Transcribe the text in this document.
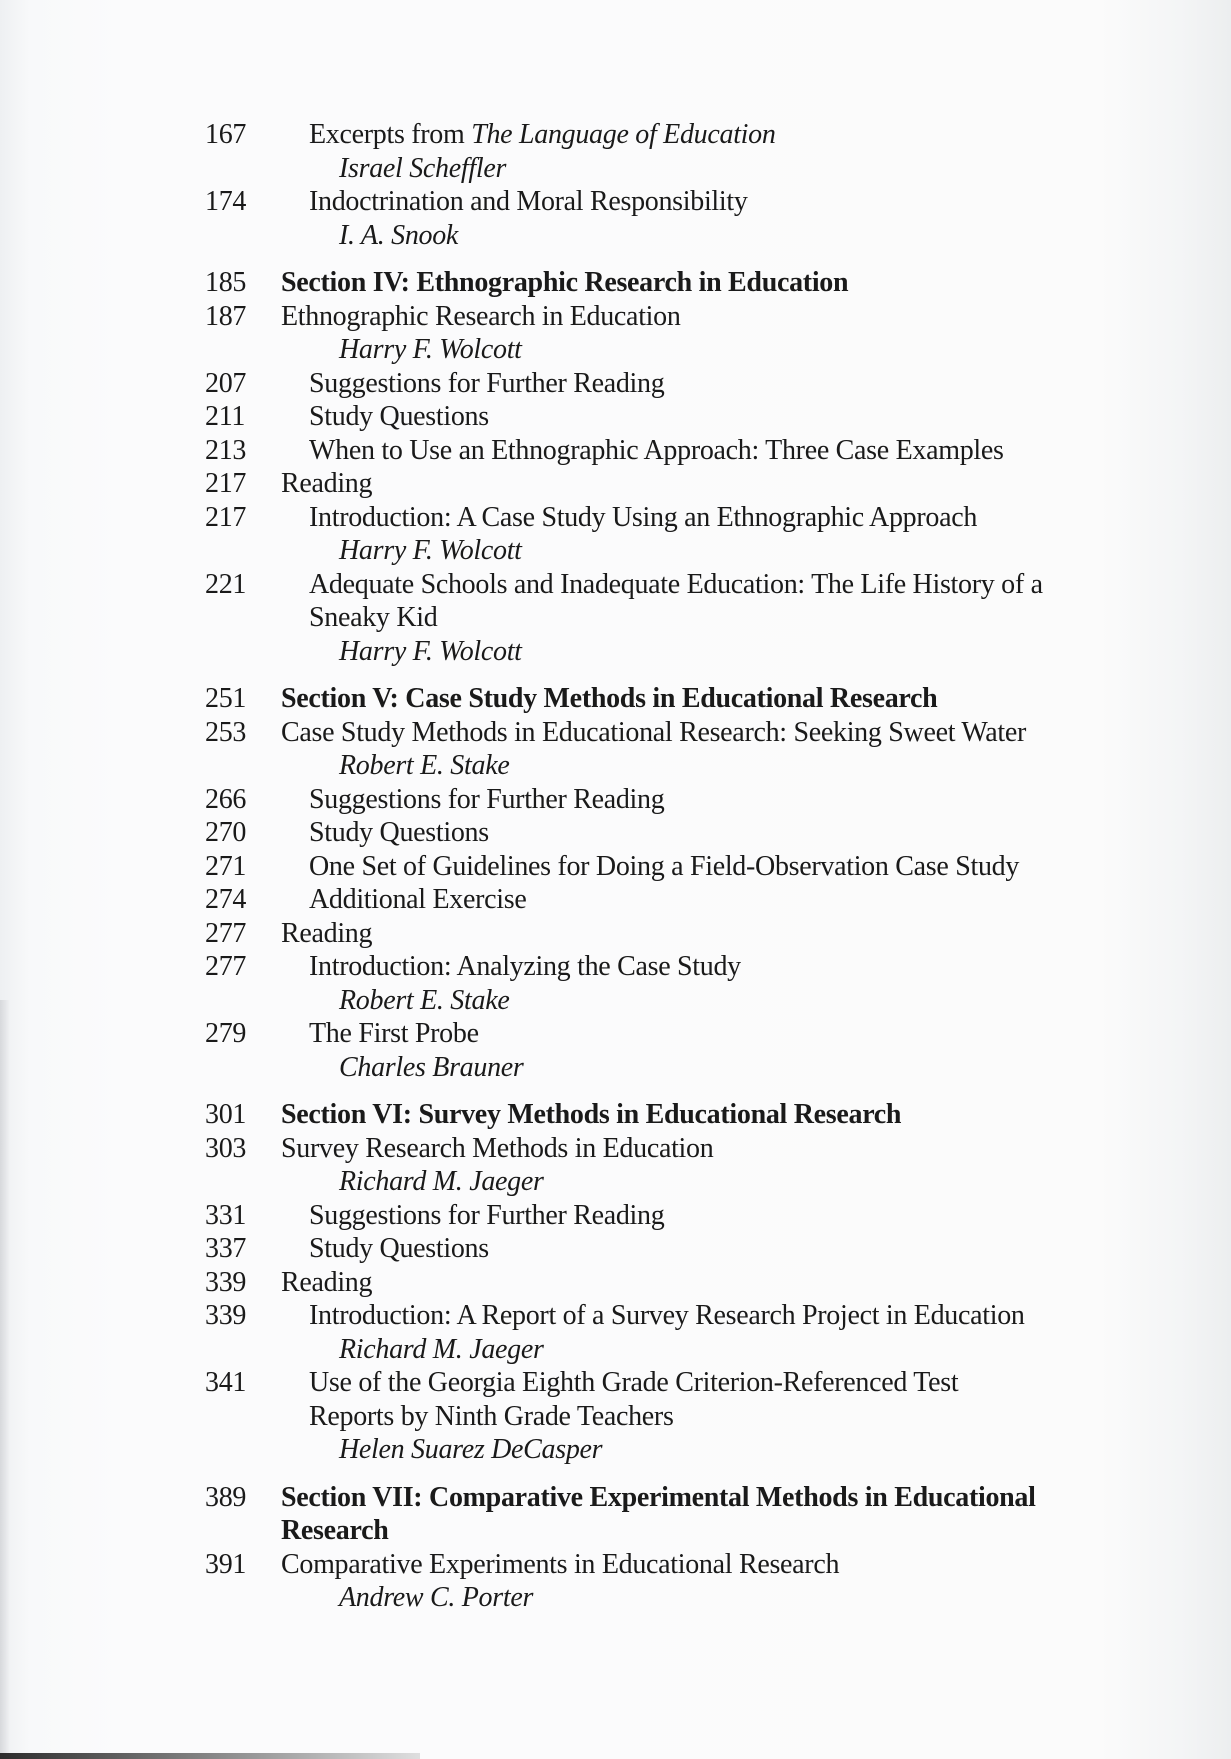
167	Excerpts from The Language of Education
Israel Scheffler
174	Indoctrination and Moral Responsibility
I. A. Snook
185	Section IV: Ethnographic Research in Education
187	Ethnographic Research in Education
Harry F. Wolcott
207	Suggestions for Further Reading
211	Study Questions
213	When to Use an Ethnographic Approach: Three Case Examples
217	Reading
217	Introduction: A Case Study Using an Ethnographic Approach
Harry F. Wolcott
221	Adequate Schools and Inadequate Education: The Life History of a
Sneaky Kid
Harry F. Wolcott
251	Section V: Case Study Methods in Educational Research
253	Case Study Methods in Educational Research: Seeking Sweet Water
Robert E. Stake
266	Suggestions for Further Reading
270	Study Questions
271	One Set of Guidelines for Doing a Field-Observation Case Study
274	Additional Exercise
277	Reading
277	Introduction: Analyzing the Case Study
Robert E. Stake
279	The First Probe
Charles Brauner
301	Section VI: Survey Methods in Educational Research
303	Survey Research Methods in Education
Richard M. Jaeger
331	Suggestions for Further Reading
337	Study Questions
339	Reading
339	Introduction: A Report of a Survey Research Project in Education
Richard M. Jaeger
341	Use of the Georgia Eighth Grade Criterion-Referenced Test
Reports by Ninth Grade Teachers
Helen Suarez DeCasper
389	Section VII: Comparative Experimental Methods in Educational
Research
391	Comparative Experiments in Educational Research
Andrew C. Porter
